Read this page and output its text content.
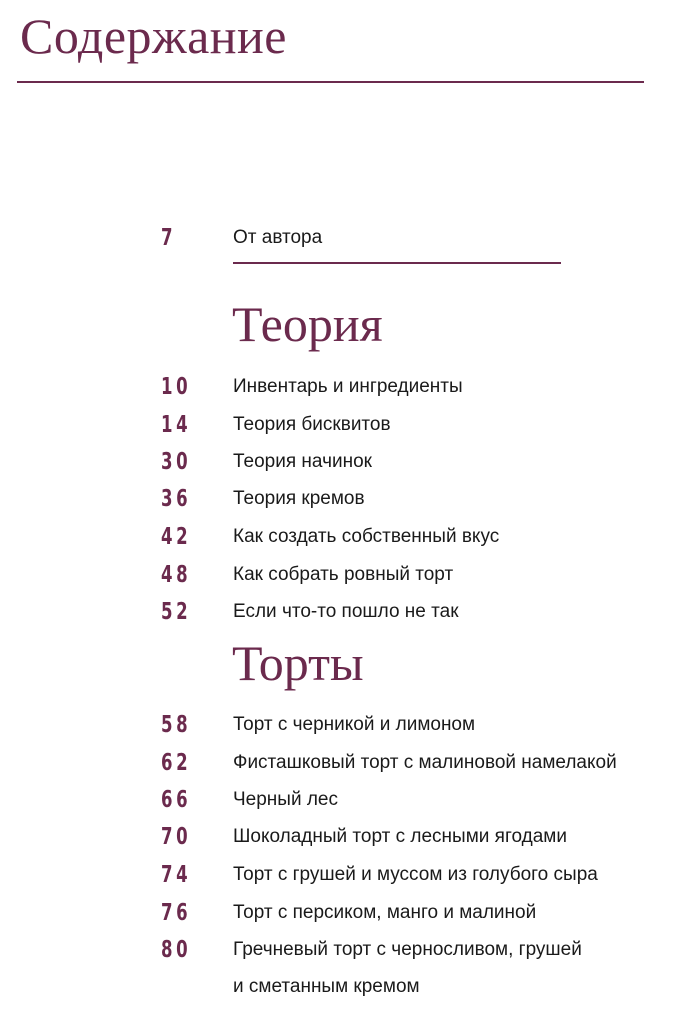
Содержание
7	От автора
Теория
10 Инвентарь и ингредиенты
14 Теория бисквитов
30 Теория начинок
36 Теория кремов
42 Как создать собственный вкус
48 Как собрать ровный торт
52 Если что-то пошло не так
Торты
58 Торт с черникой и лимоном
62 Фисташковый торт с малиновой намелакой
66 Черный лес
70 Шоколадный торт с лесными ягодами
74 Торт с грушей и муссом из голубого сыра
76 Торт с персиком, манго и малиной
80 Гречневый торт с черносливом, грушей
и сметанным кремом
